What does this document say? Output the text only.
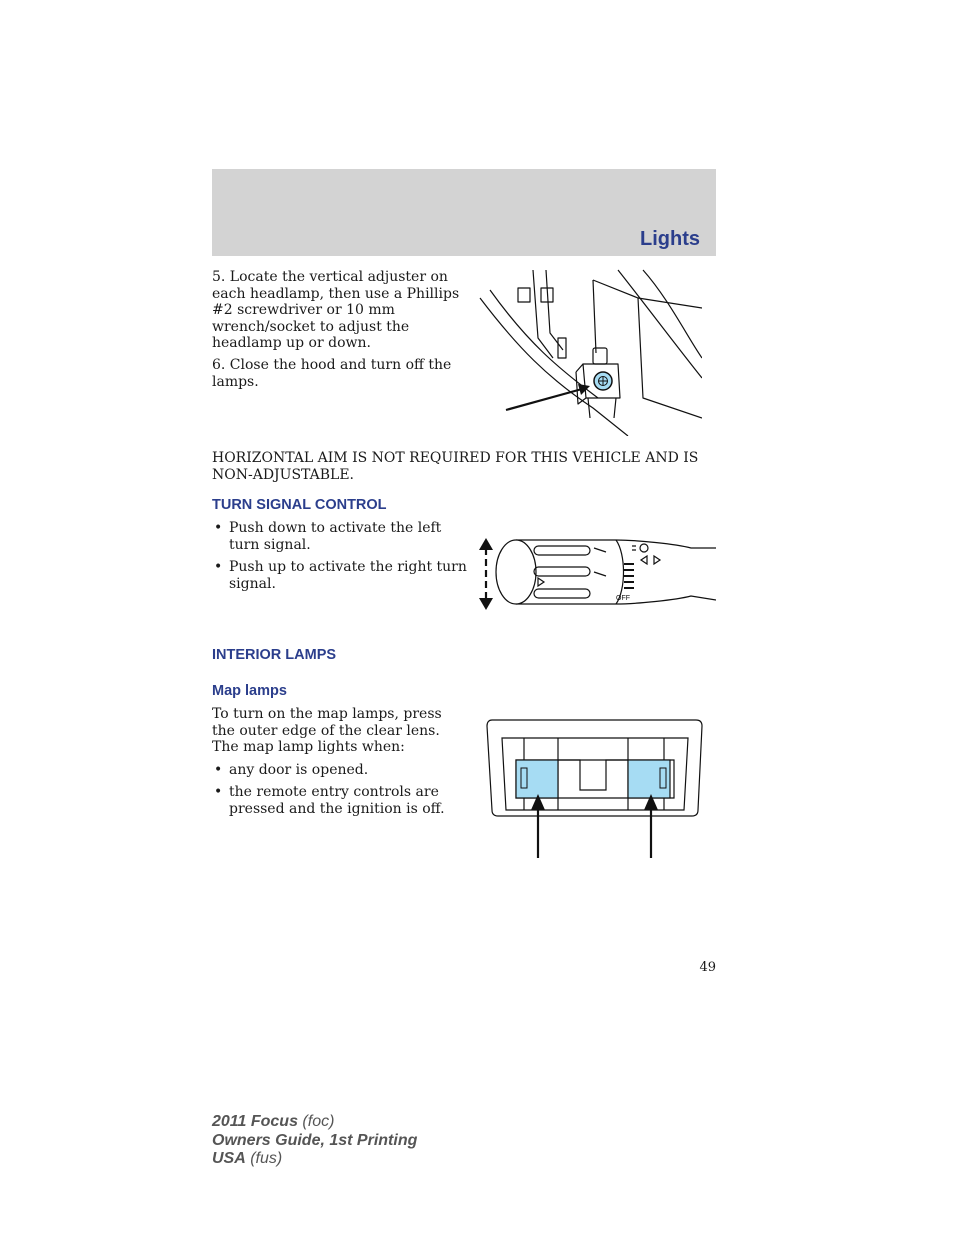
Lights
5. Locate the vertical adjuster on each headlamp, then use a Phillips #2 screwdriver or 10 mm wrench/socket to adjust the headlamp up or down.
6. Close the hood and turn off the lamps.
HORIZONTAL AIM IS NOT REQUIRED FOR THIS VEHICLE AND IS NON-ADJUSTABLE.
TURN SIGNAL CONTROL
• Push down to activate the left turn signal.
• Push up to activate the right turn signal.
OFF
INTERIOR LAMPS
Map lamps
To turn on the map lamps, press the outer edge of the clear lens. The map lamp lights when:
• any door is opened.
• the remote entry controls are pressed and the ignition is off.
49
2011 Focus (foc)
Owners Guide, 1st Printing
USA (fus)
